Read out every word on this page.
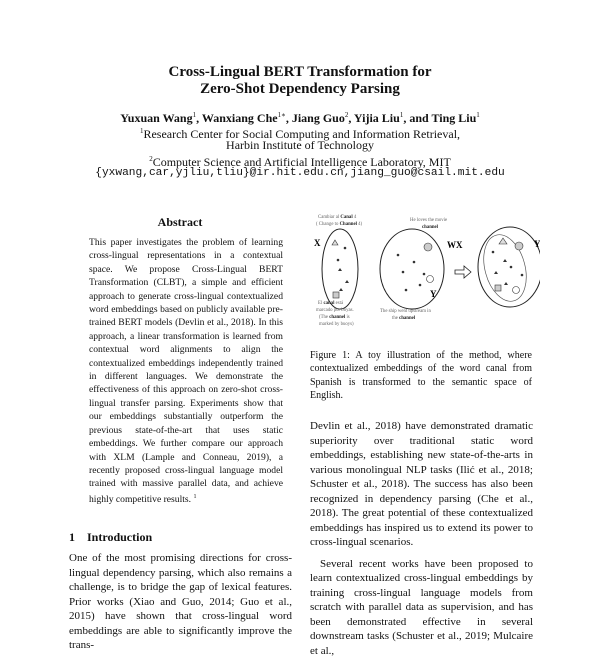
Cross-Lingual BERT Transformation for
Zero-Shot Dependency Parsing
Yuxuan Wang$^1$, Wanxiang Che$^{1∗}$, Jiang Guo$^2$, Yijia Liu$^1$, and Ting Liu$^1$
$^1$Research Center for Social Computing and Information Retrieval,
Harbin Institute of Technology
$^2$Computer Science and Artificial Intelligence Laboratory, MIT
{yxwang,car,yjliu,tliu}@ir.hit.edu.cn,jiang_guo@csail.mit.edu
Abstract
This paper investigates the problem of learning cross-lingual representations in a contextual space. We propose Cross-Lingual BERT Transformation (CLBT), a simple and efficient approach to generate cross-lingual contextualized word embeddings based on publicly available pre-trained BERT models (Devlin et al., 2018). In this approach, a linear transformation is learned from contextual word alignments to align the contextualized embeddings independently trained in different languages. We demonstrate the effectiveness of this approach on zero-shot cross-lingual transfer parsing. Experiments show that our embeddings substantially outperform the previous state-of-the-art that uses static embeddings. We further compare our approach with XLM (Lample and Conneau, 2019), a recently proposed cross-lingual language model trained with massive parallel data, and achieve highly competitive results. $^1$
1 Introduction
One of the most promising directions for cross-lingual dependency parsing, which also remains a challenge, is to bridge the gap of lexical features. Prior works (Xiao and Guo, 2014; Guo et al., 2015) have shown that cross-lingual word embeddings are able to significantly improve the trans-
X
Y
WX	Y
Cambiar al Canal 4
( Change to Channel 4)
He loves the movie
channel
El canal está
marcado por boyas.
(The channel is
marked by buoys)
The ship went upstream in
the channel
Figure 1: A toy illustration of the method, where contextualized embeddings of the word canal from Spanish is transformed to the semantic space of English.

Devlin et al., 2018) have demonstrated dramatic superiority over traditional static word embeddings, establishing new state-of-the-arts in various monolingual NLP tasks (Ilić et al., 2018; Schuster et al., 2018). The success has also been recognized in dependency parsing (Che et al., 2018). The great potential of these contextualized embeddings has inspired us to extend its power to cross-lingual scenarios.

Several recent works have been proposed to learn contextualized cross-lingual embeddings by training cross-lingual language models from scratch with parallel data as supervision, and has been demonstrated effective in several downstream tasks (Schuster et al., 2019; Mulcaire et al.,
